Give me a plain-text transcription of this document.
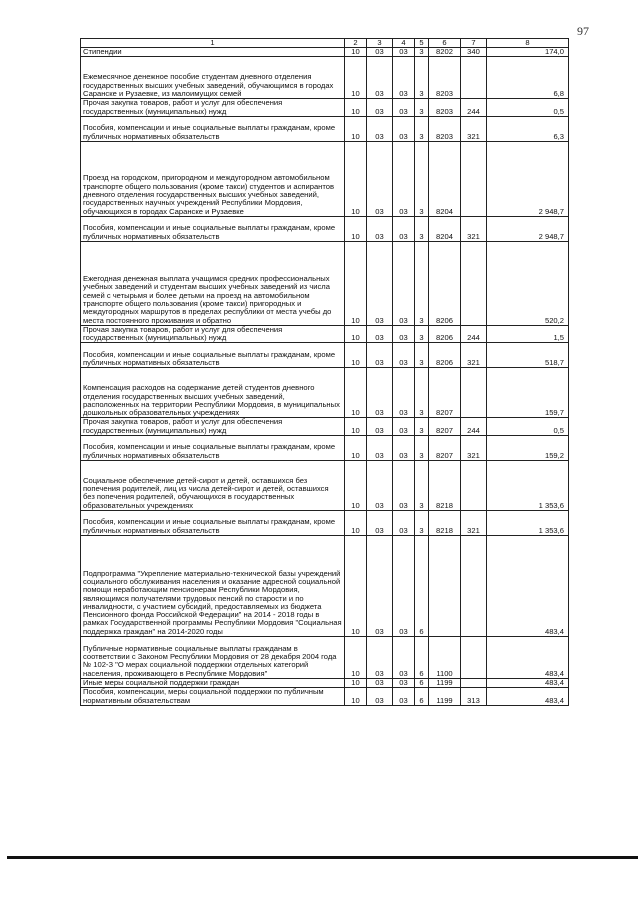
97
1	2	3	4	5	6	7	8
Стипендии	10	03	03	3	8202	340	174,0
Ежемесячное денежное пособие студентам дневного отделения государственных высших учебных заведений, обучающимся в городах Саранске и Рузаевке, из малоимущих семей	10	03	03	3	8203		6,8
Прочая закупка товаров, работ и услуг для обеспечения государственных (муниципальных) нужд	10	03	03	3	8203	244	0,5
Пособия, компенсации и иные социальные выплаты гражданам, кроме публичных нормативных обязательств	10	03	03	3	8203	321	6,3
Проезд на городском, пригородном и междугородном автомобильном транспорте общего пользования (кроме такси) студентов и аспирантов дневного отделения государственных высших учебных заведений, государственных научных учреждений Республики Мордовия, обучающихся в городах Саранске и Рузаевке	10	03	03	3	8204		2 948,7
Пособия, компенсации и иные социальные выплаты гражданам, кроме публичных нормативных обязательств	10	03	03	3	8204	321	2 948,7
Ежегодная денежная выплата учащимся средних профессиональных учебных заведений и студентам высших учебных заведений из числа семей с четырьмя и более детьми на проезд на автомобильном транспорте общего пользования (кроме такси) пригородных и междугородных маршрутов в пределах республики от места учебы до места постоянного проживания и обратно	10	03	03	3	8206		520,2
Прочая закупка товаров, работ и услуг для обеспечения государственных (муниципальных) нужд	10	03	03	3	8206	244	1,5
Пособия, компенсации и иные социальные выплаты гражданам, кроме публичных нормативных обязательств	10	03	03	3	8206	321	518,7
Компенсация расходов на содержание детей студентов дневного отделения государственных высших учебных заведений, расположенных на территории Республики Мордовия, в муниципальных дошкольных образовательных учреждениях	10	03	03	3	8207		159,7
Прочая закупка товаров, работ и услуг для обеспечения государственных (муниципальных) нужд	10	03	03	3	8207	244	0,5
Пособия, компенсации и иные социальные выплаты гражданам, кроме публичных нормативных обязательств	10	03	03	3	8207	321	159,2
Социальное обеспечение детей-сирот и детей, оставшихся без попечения родителей, лиц из числа детей-сирот и детей, оставшихся без попечения родителей, обучающихся в государственных образовательных учреждениях	10	03	03	3	8218		1 353,6
Пособия, компенсации и иные социальные выплаты гражданам, кроме публичных нормативных обязательств	10	03	03	3	8218	321	1 353,6
Подпрограмма "Укрепление материально-технической базы учреждений социального обслуживания населения и оказание адресной социальной помощи неработающим пенсионерам Республики Мордовия, являющимся получателями трудовых пенсий по старости и по инвалидности, с участием субсидий, предоставляемых из бюджета Пенсионного фонда Российской Федерации" на 2014 - 2018 годы в рамках Государственной программы Республики Мордовия "Социальная поддержка граждан" на 2014-2020 годы	10	03	03	6			483,4
Публичные нормативные социальные выплаты гражданам в соответствии с Законом Республики Мордовия от 28 декабря 2004 года № 102-З "О мерах социальной поддержки отдельных категорий населения, проживающего в Республике Мордовия"	10	03	03	6	1100		483,4
Иные меры социальной поддержки граждан	10	03	03	6	1199		483,4
Пособия, компенсации, меры социальной поддержки по публичным нормативным обязательствам	10	03	03	6	1199	313	483,4
